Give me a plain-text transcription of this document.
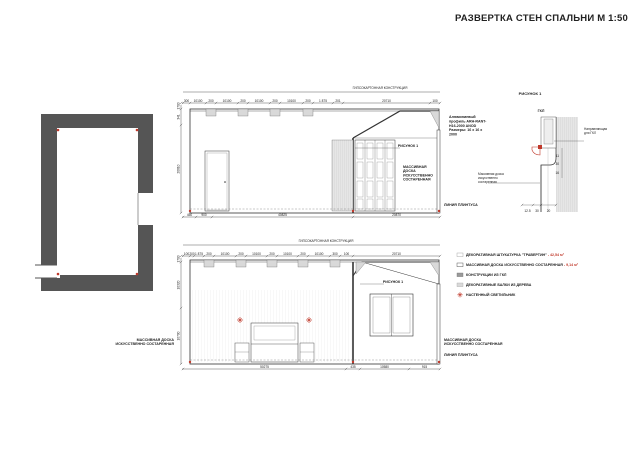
РАЗВЕРТКА СТЕН СПАЛЬНИ М 1:50
ГИПСОКАРТОННАЯ КОНСТРУКЦИЯ
300 10100 200	10100	200	10100	200	10100	200	1 875	201	20710	100
1700
341
20810
450	900	40825	20870
РИСУНОК 1
МАССИВНАЯ ДОСКА ИСКУССТВЕННО СОСТАРЕННАЯ
ЛИНИЯ ПЛИНТУСА
Алюминиевый профиль ARH-RANT-H16-2000 ANOD Размеры: 16 x 16 x 2000
РИСУНОК 1
ГКЛ
12.5 30 20
11
30
16
Направляющая для ГКЛ
Массивная доска искусственно состаренная
ГИПСОКАРТОННАЯ КОНСТРУКЦИЯ
100 200 1 875 200	10100	200	10100	200	10100	200	10100	300 100	20710
1700
10320
10700
50275	435	10580	915
РИСУНОК 1
МАССИВНАЯ ДОСКА ИСКУССТВЕННО СОСТАРЕННАЯ
МАССИВНАЯ ДОСКА ИСКУССТВЕННО СОСТАРЕННАЯ
ЛИНИЯ ПЛИНТУСА
ДЕКОРАТИВНАЯ ШТУКАТУРКА "ТРАВЕРТИН" - 42,54 м²
МАССИВНАЯ ДОСКА ИСКУССТВЕННО СОСТАРЕННАЯ - 9,14 м²
КОНСТРУКЦИИ ИЗ ГКЛ
ДЕКОРАТИВНЫЕ БАЛКИ ИЗ ДЕРЕВА
НАСТЕННЫЙ СВЕТИЛЬНИК
